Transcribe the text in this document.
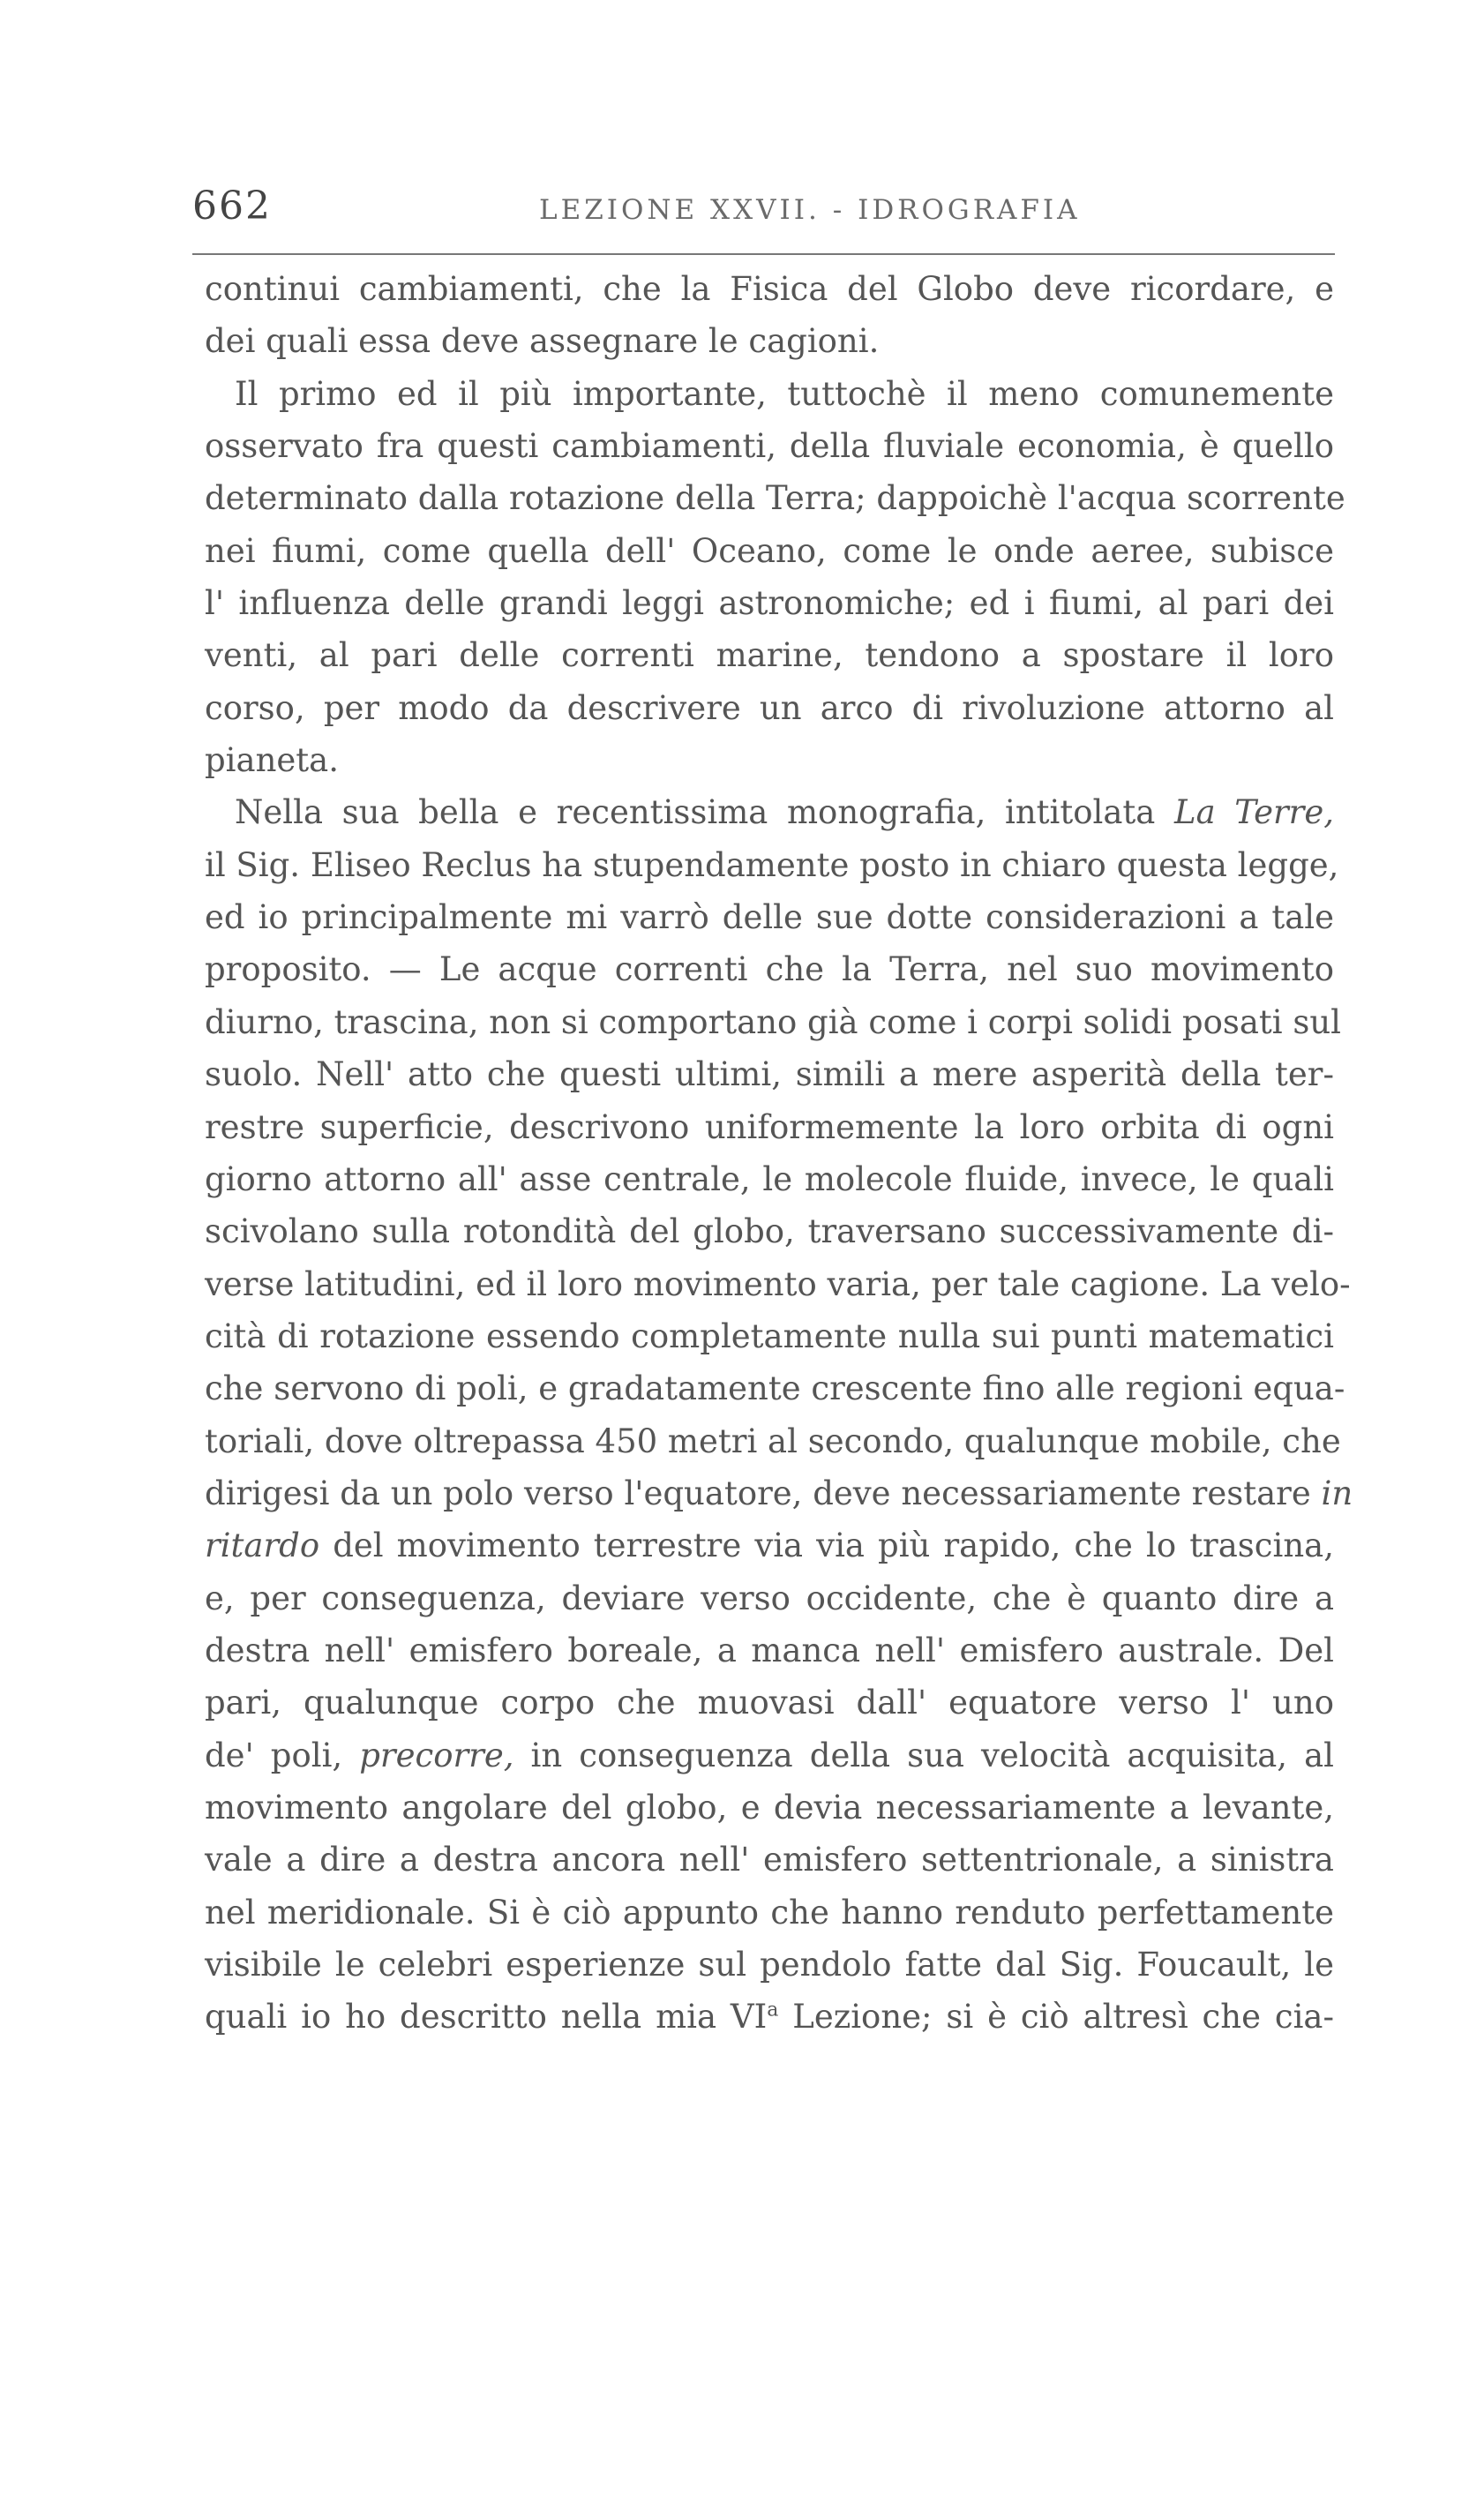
662	LEZIONE XXVII. - IDROGRAFIA
continui cambiamenti, che la Fisica del Globo deve ricordare, e
dei quali essa deve assegnare le cagioni.
Il primo ed il più importante, tuttochè il meno comunemente
osservato fra questi cambiamenti, della fluviale economia, è quello
determinato dalla rotazione della Terra; dappoichè l'acqua scorrente
nei fiumi, come quella dell' Oceano, come le onde aeree, subisce
l' influenza delle grandi leggi astronomiche; ed i fiumi, al pari dei
venti, al pari delle correnti marine, tendono a spostare il loro
corso, per modo da descrivere un arco di rivoluzione attorno al
pianeta.
Nella sua bella e recentissima monografia, intitolata La Terre,
il Sig. Eliseo Reclus ha stupendamente posto in chiaro questa legge,
ed io principalmente mi varrò delle sue dotte considerazioni a tale
proposito. — Le acque correnti che la Terra, nel suo movimento
diurno, trascina, non si comportano già come i corpi solidi posati sul
suolo. Nell' atto che questi ultimi, simili a mere asperità della ter-
restre superficie, descrivono uniformemente la loro orbita di ogni
giorno attorno all' asse centrale, le molecole fluide, invece, le quali
scivolano sulla rotondità del globo, traversano successivamente di-
verse latitudini, ed il loro movimento varia, per tale cagione. La velo-
cità di rotazione essendo completamente nulla sui punti matematici
che servono di poli, e gradatamente crescente fino alle regioni equa-
toriali, dove oltrepassa 450 metri al secondo, qualunque mobile, che
dirigesi da un polo verso l'equatore, deve necessariamente restare in
ritardo del movimento terrestre via via più rapido, che lo trascina,
e, per conseguenza, deviare verso occidente, che è quanto dire a
destra nell' emisfero boreale, a manca nell' emisfero australe. Del
pari, qualunque corpo che muovasi dall' equatore verso l' uno
de' poli, precorre, in conseguenza della sua velocità acquisita, al
movimento angolare del globo, e devia necessariamente a levante,
vale a dire a destra ancora nell' emisfero settentrionale, a sinistra
nel meridionale. Si è ciò appunto che hanno renduto perfettamente
visibile le celebri esperienze sul pendolo fatte dal Sig. Foucault, le
quali io ho descritto nella mia $VI^a$ Lezione; si è ciò altresì che cia-
